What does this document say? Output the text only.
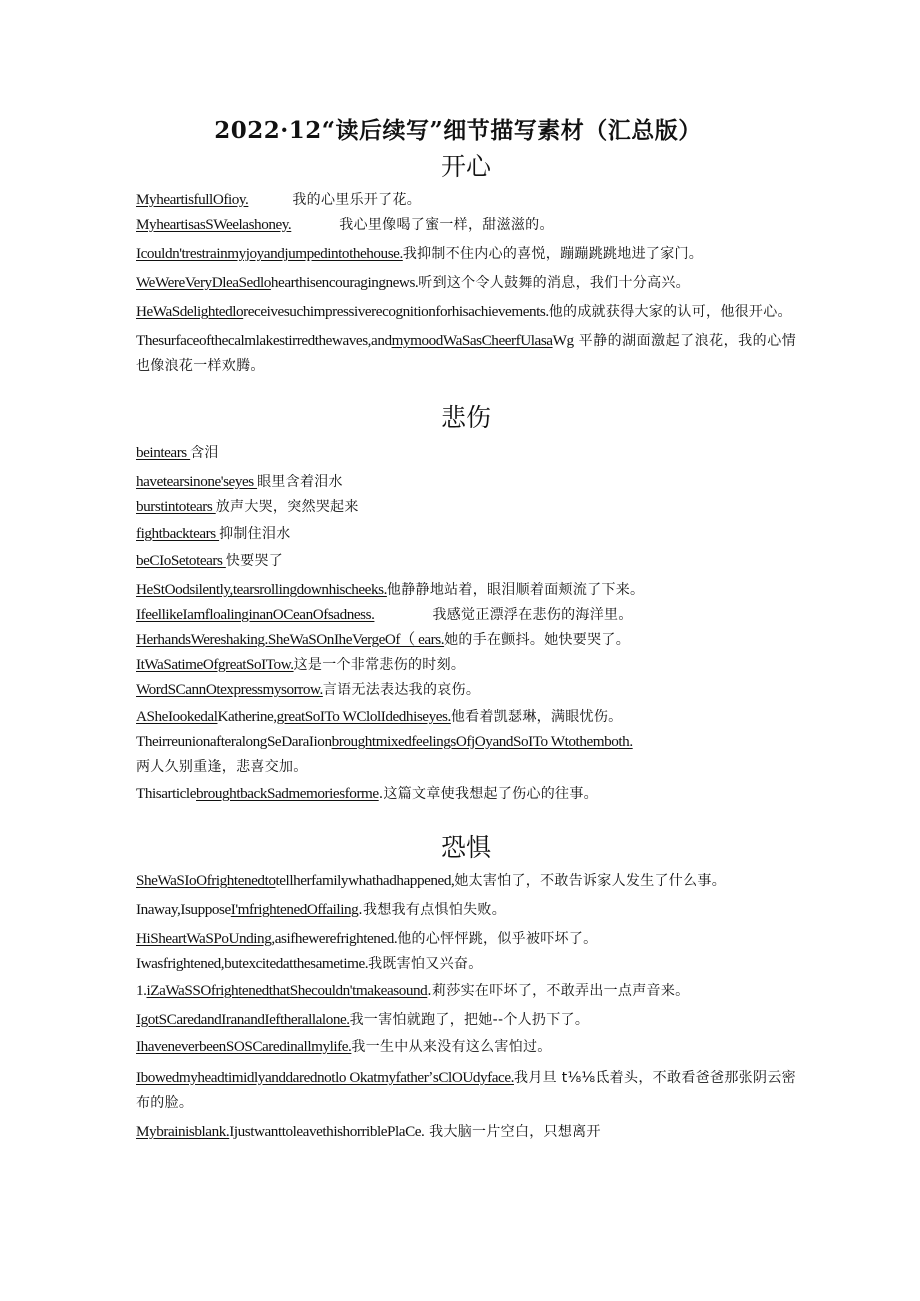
2022·12“读后续写”细节描写素材（汇总版）
开心

MyheartisfullOfioy.	我的心里乐开了花。

MyheartisasSWeelashoney.	我心里像喝了蜜一样，甜滋滋的。

Icouldn'trestrainmyjoyandjumpedintothehouse.我抑制不住内心的喜悦，蹦蹦跳跳地进了家门。

WeWereVeryDleaSedlohearthisencouragingnews.听到这个令人鼓舞的消息，我们十分高兴。

HeWaSdelightedloreceivesuchimpressiverecognitionforhisachievements.他的成就获得大家的认可，他很开心。

Thesurfaceofthecalmlakestirredthewaves,andmymoodWaSasCheerfUlasaWg 平静的湖面激起了浪花，我的心情也像浪花一样欢腾。

悲伤

beintears 含泪

havetearsinone'seyes 眼里含着泪水

burstintotears 放声大哭，突然哭起来

fightbacktears 抑制住泪水

beCIoSetotears 快要哭了

HeStOodsilently,tearsrollingdownhischeeks.他静静地站着，眼泪顺着面颊流了下来。

IfeellikeIamfloalinginanOCeanOfsadness.	我感觉正漂浮在悲伤的海洋里。

HerhandsWereshaking.SheWaSOnIheVergeOf（ ears.她的手在颤抖。她快要哭了。

ItWaSatimeOfgreatSoITow.这是一个非常悲伤的时刻。

WordSCannOtexpressmysorrow.言语无法表达我的哀伤。

ASheIookedalKatherine,greatSoITo WClolIdedhiseyes.他看着凯瑟琳，满眼忧伤。

TheirreunionafteralongSeDaraIionbroughtmixedfeelingsOfjOyandSoITo Wtothemboth.
两人久别重逢，悲喜交加。

ThisarticlebroughtbackSadmemoriesforme.这篇文章使我想起了伤心的往事。

恐惧

SheWaSIoOfrightenedtotellherfamilywhathadhappened,她太害怕了，不敢告诉家人发生了什么事。

Inaway,IsupposeI'mfrightenedOffailing.我想我有点惧怕失败。

HiSheartWaSPoUnding,asifhewerefrightened.他的心怦怦跳，似乎被吓坏了。

Iwasfrightened,butexcitedatthesametime.我既害怕又兴奋。

1.iZaWaSSOfrightenedthatShecouldn'tmakeasound.莉莎实在吓坏了，不敢弄出一点声音来。

IgotSCaredandIranandIeftherallalone.我一害怕就跑了，把她--个人扔下了。

IhaveneverbeenSOSCaredinallmylife.我一生中从来没有这么害怕过。

Ibowedmyheadtimidlyanddarednotlo OkatmyfatherʼsClOUdyface.我月旦 t⅛⅛氐着头，不敢看爸爸那张阴云密布的脸。

Mybrainisblank.IjustwanttoleavethishorriblePlaCe. 我大脑一片空白，只想离开
